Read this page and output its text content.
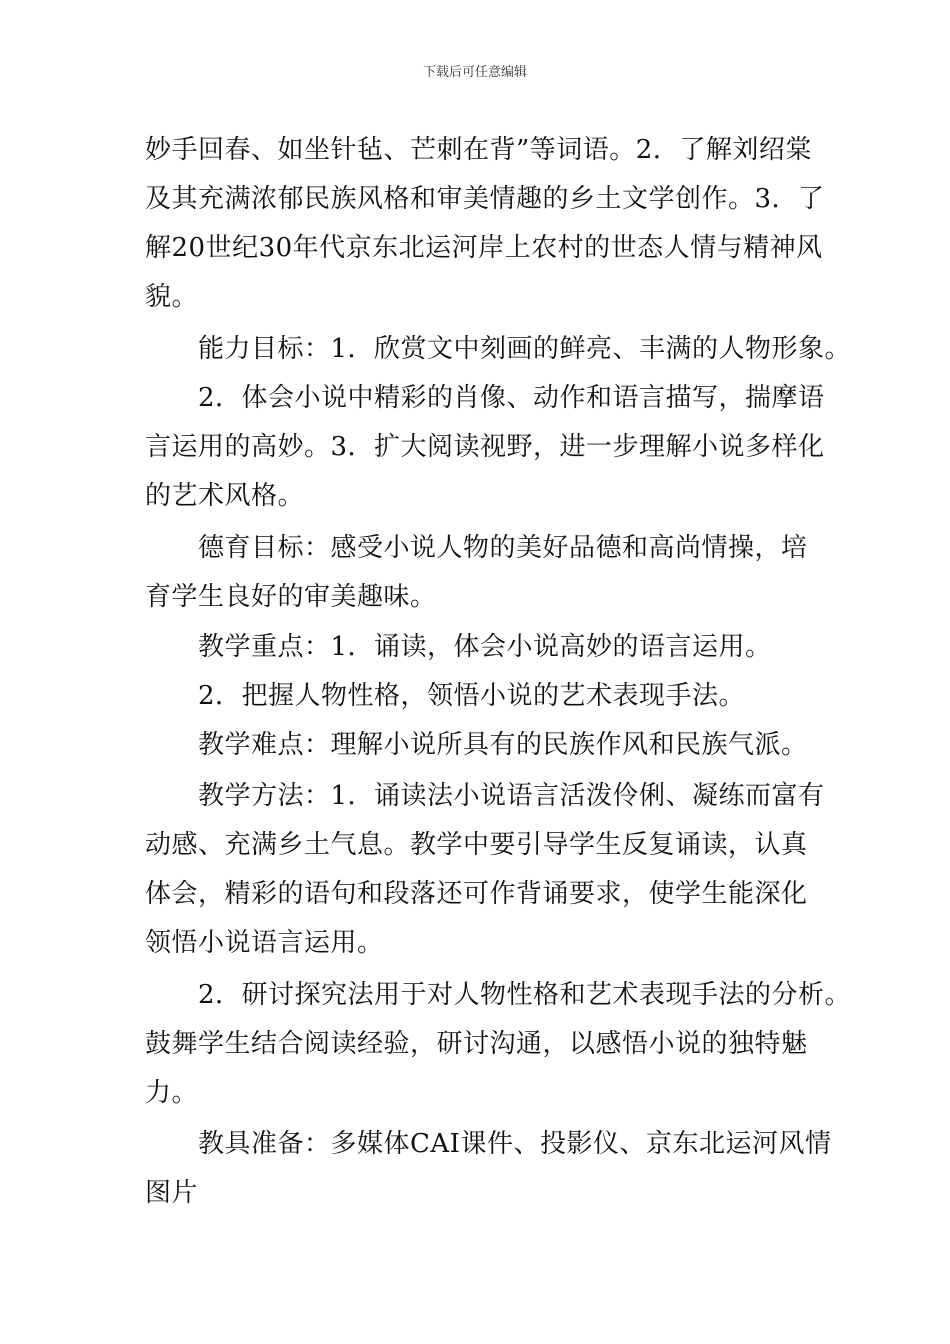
下载后可任意编辑
妙手回春、如坐针毡、芒刺在背”等词语。2．了解刘绍棠
及其充满浓郁民族风格和审美情趣的乡土文学创作。3．了
解20世纪30年代京东北运河岸上农村的世态人情与精神风
貌。
能力目标：1．欣赏文中刻画的鲜亮、丰满的人物形象。
2．体会小说中精彩的肖像、动作和语言描写，揣摩语
言运用的高妙。3．扩大阅读视野，进一步理解小说多样化
的艺术风格。
德育目标：感受小说人物的美好品德和高尚情操，培
育学生良好的审美趣味。
教学重点：1．诵读，体会小说高妙的语言运用。
2．把握人物性格，领悟小说的艺术表现手法。
教学难点：理解小说所具有的民族作风和民族气派。
教学方法：1．诵读法小说语言活泼伶俐、凝练而富有
动感、充满乡土气息。教学中要引导学生反复诵读，认真
体会，精彩的语句和段落还可作背诵要求，使学生能深化
领悟小说语言运用。
2．研讨探究法用于对人物性格和艺术表现手法的分析。
鼓舞学生结合阅读经验，研讨沟通，以感悟小说的独特魅
力。
教具准备：多媒体CAI课件、投影仪、京东北运河风情
图片
